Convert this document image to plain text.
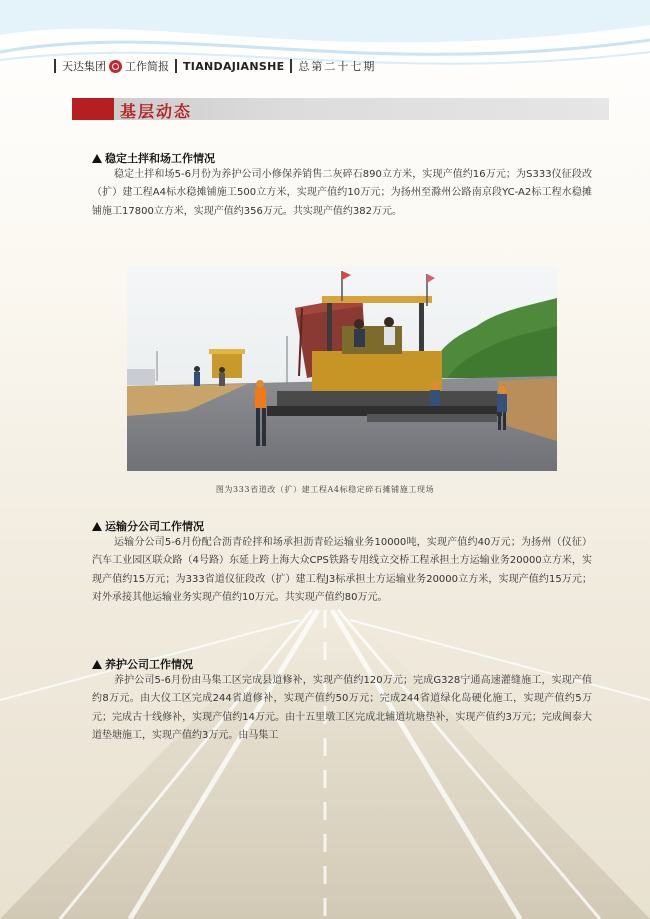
天达集团 工作简报 TIANDAJIANSHE 总第二十七期
基层动态
稳定土拌和场工作情况
稳定土拌和场5-6月份为养护公司小修保养销售二灰碎石890立方米，实现产值约16万元；为S333仪征段改（扩）建工程A4标水稳摊铺施工500立方米，实现产值约10万元；为扬州至滁州公路南京段YC-A2标工程水稳摊铺施工17800立方米，实现产值约356万元。共实现产值约382万元。
图为333省道改（扩）建工程A4标稳定碎石摊铺施工现场
运输分公司工作情况
运输分公司5-6月份配合沥青砼拌和场承担沥青砼运输业务10000吨，实现产值约40万元；为扬州（仪征）汽车工业园区联众路（4号路）东延上跨上海大众CPS铁路专用线立交桥工程承担土方运输业务20000立方米，实现产值约15万元；为333省道仪征段改（扩）建工程J3标承担土方运输业务20000立方米，实现产值约15万元；对外承接其他运输业务实现产值约10万元。共实现产值约80万元。
养护公司工作情况
养护公司5-6月份由马集工区完成县道修补，实现产值约120万元；完成G328宁通高速灌缝施工，实现产值约8万元。由大仪工区完成244省道修补，实现产值约50万元；完成244省道绿化岛硬化施工，实现产值约5万元；完成古十线修补，实现产值约14万元。由十五里墩工区完成北辅道坑塘垫补，实现产值约3万元；完成闽泰大道垫塘施工，实现产值约3万元。由马集工
